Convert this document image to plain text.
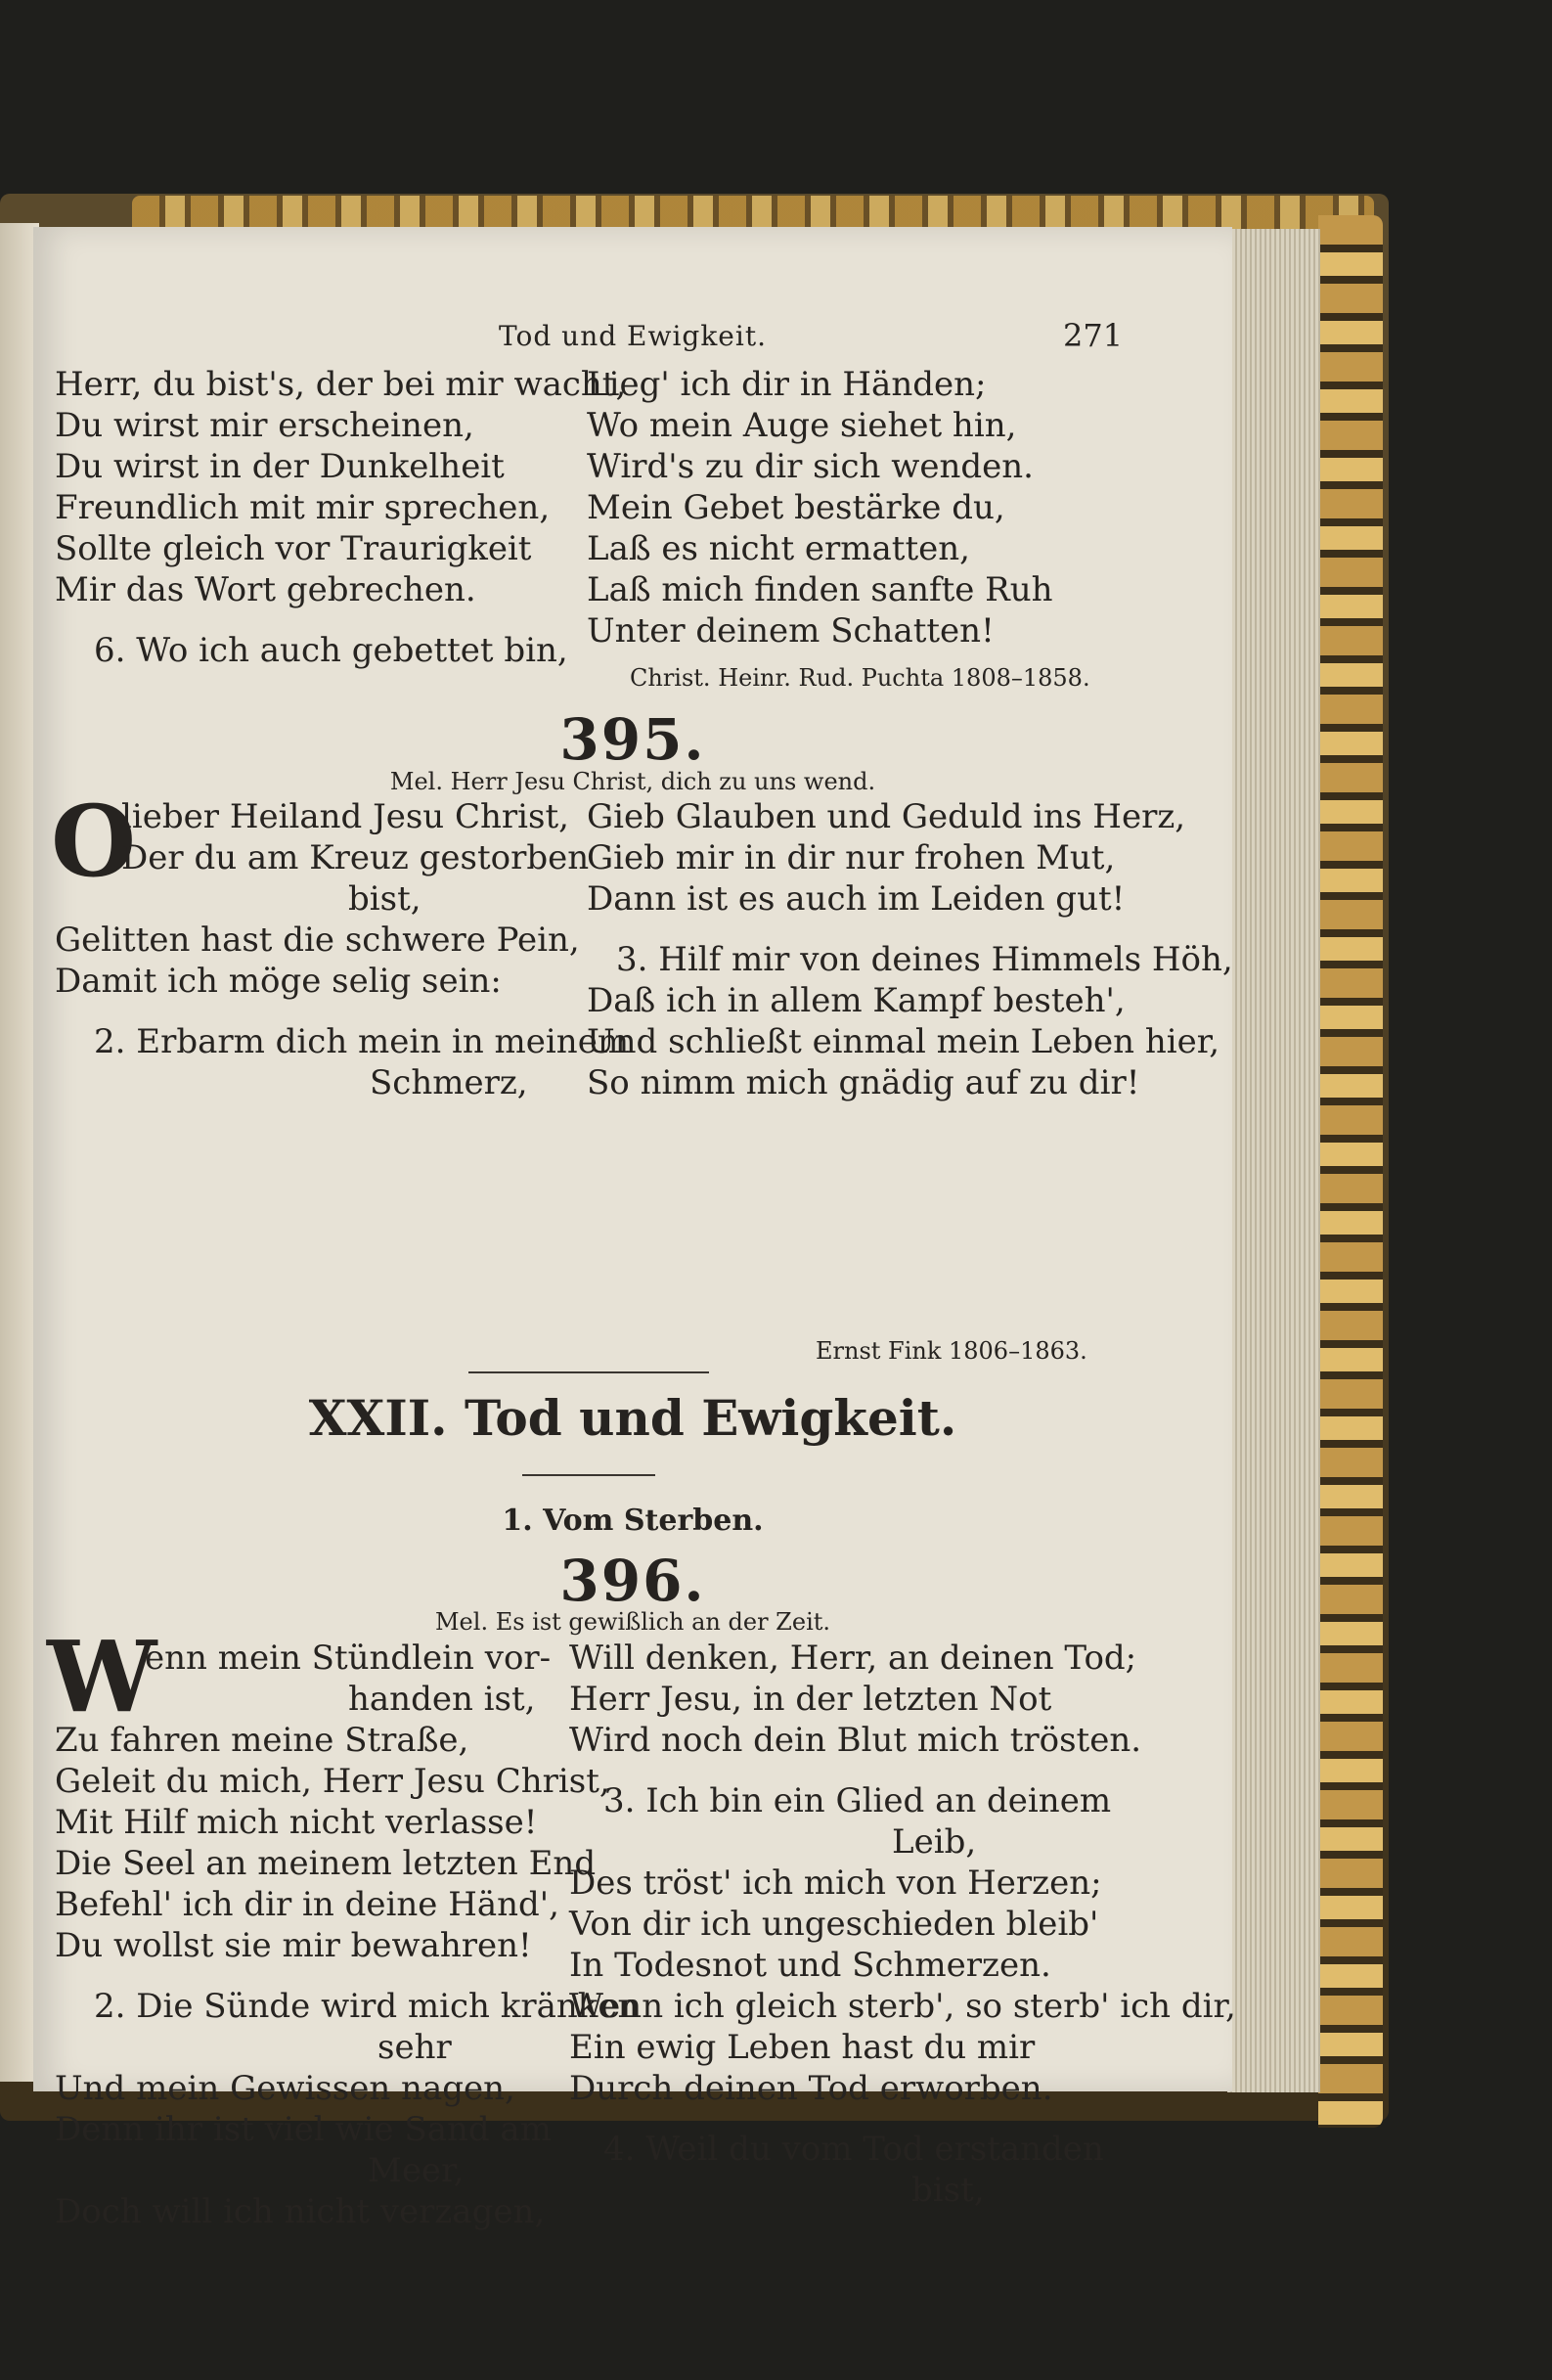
Tod und Ewigkeit.	271
Herr, du bist's, der bei mir wacht,
Du wirst mir erscheinen,
Du wirst in der Dunkelheit
Freundlich mit mir sprechen,
Sollte gleich vor Traurigkeit
Mir das Wort gebrechen.
6. Wo ich auch gebettet bin,
Lieg' ich dir in Händen;
Wo mein Auge siehet hin,
Wird's zu dir sich wenden.
Mein Gebet bestärke du,
Laß es nicht ermatten,
Laß mich finden sanfte Ruh
Unter deinem Schatten!
Christ. Heinr. Rud. Puchta 1808–1858.
395.
Mel. Herr Jesu Christ, dich zu uns wend.
O
lieber Heiland Jesu Christ,
Der du am Kreuz gestorben
bist,
Gelitten hast die schwere Pein,
Damit ich möge selig sein:
2. Erbarm dich mein in meinem
Schmerz,
Gieb Glauben und Geduld ins Herz,
Gieb mir in dir nur frohen Mut,
Dann ist es auch im Leiden gut!
3. Hilf mir von deines Himmels Höh,
Daß ich in allem Kampf besteh',
Und schließt einmal mein Leben hier,
So nimm mich gnädig auf zu dir!
Ernst Fink 1806–1863.
XXII. Tod und Ewigkeit.
1. Vom Sterben.
396.
Mel. Es ist gewißlich an der Zeit.
W
enn mein Stündlein vor-
handen ist,
Zu fahren meine Straße,
Geleit du mich, Herr Jesu Christ,
Mit Hilf mich nicht verlasse!
Die Seel an meinem letzten End
Befehl' ich dir in deine Händ',
Du wollst sie mir bewahren!
2. Die Sünde wird mich kränken
sehr
Und mein Gewissen nagen,
Denn ihr ist viel wie Sand am
Meer,
Doch will ich nicht verzagen,
Will denken, Herr, an deinen Tod;
Herr Jesu, in der letzten Not
Wird noch dein Blut mich trösten.
3. Ich bin ein Glied an deinem
Leib,
Des tröst' ich mich von Herzen;
Von dir ich ungeschieden bleib'
In Todesnot und Schmerzen.
Wenn ich gleich sterb', so sterb' ich dir,
Ein ewig Leben hast du mir
Durch deinen Tod erworben.
4. Weil du vom Tod erstanden
bist,
